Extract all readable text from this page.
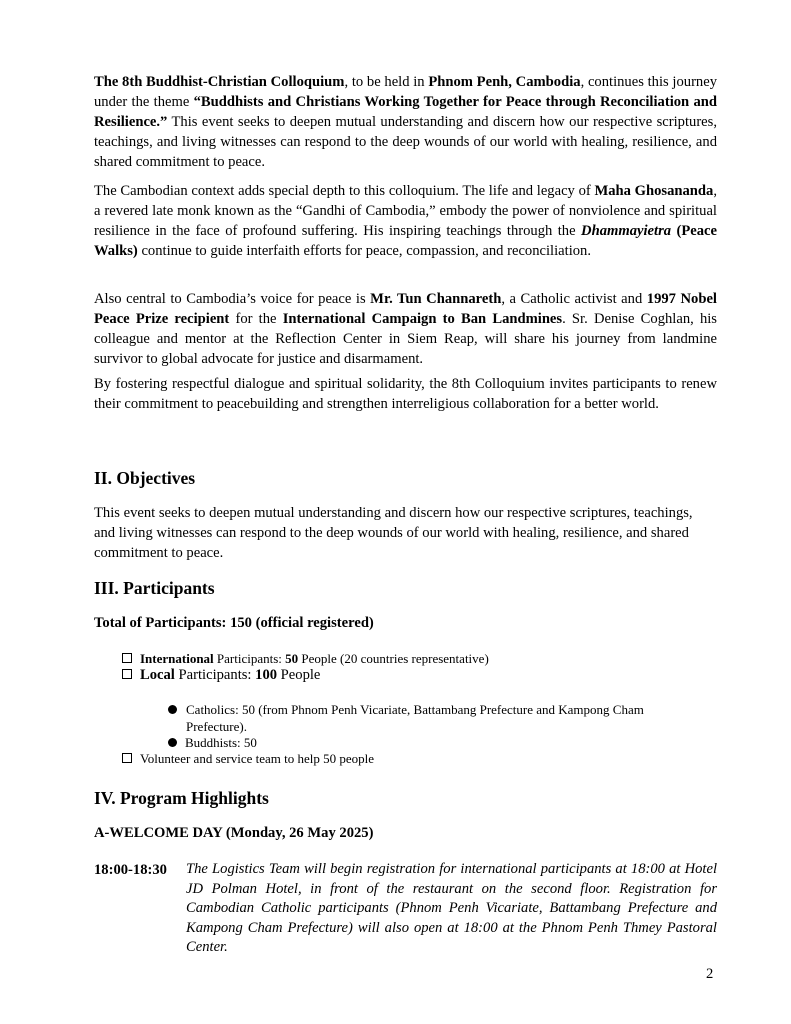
The 8th Buddhist-Christian Colloquium, to be held in Phnom Penh, Cambodia, continues this journey under the theme “Buddhists and Christians Working Together for Peace through Reconciliation and Resilience.” This event seeks to deepen mutual understanding and discern how our respective scriptures, teachings, and living witnesses can respond to the deep wounds of our world with healing, resilience, and shared commitment to peace.

The Cambodian context adds special depth to this colloquium. The life and legacy of Maha Ghosananda, a revered late monk known as the “Gandhi of Cambodia,” embody the power of nonviolence and spiritual resilience in the face of profound suffering. His inspiring teachings through the Dhammayietra (Peace Walks) continue to guide interfaith efforts for peace, compassion, and reconciliation.

Also central to Cambodia’s voice for peace is Mr. Tun Channareth, a Catholic activist and 1997 Nobel Peace Prize recipient for the International Campaign to Ban Landmines. Sr. Denise Coghlan, his colleague and mentor at the Reflection Center in Siem Reap, will share his journey from landmine survivor to global advocate for justice and disarmament.

By fostering respectful dialogue and spiritual solidarity, the 8th Colloquium invites participants to renew their commitment to peacebuilding and strengthen interreligious collaboration for a better world.

II. Objectives

This event seeks to deepen mutual understanding and discern how our respective scriptures, teachings, and living witnesses can respond to the deep wounds of our world with healing, resilience, and shared commitment to peace.

III. Participants
Total of Participants: 150 (official registered)
International Participants: 50 People (20 countries representative)
Local Participants: 100 People
Catholics: 50 (from Phnom Penh Vicariate, Battambang Prefecture and Kampong Cham Prefecture).
Buddhists: 50
Volunteer and service team to help 50 people
IV. Program Highlights
A-WELCOME DAY (Monday, 26 May 2025)
18:00-18:30 The Logistics Team will begin registration for international participants at 18:00 at Hotel JD Polman Hotel, in front of the restaurant on the second floor. Registration for Cambodian Catholic participants (Phnom Penh Vicariate, Battambang Prefecture and Kampong Cham Prefecture) will also open at 18:00 at the Phnom Penh Thmey Pastoral Center.

2
